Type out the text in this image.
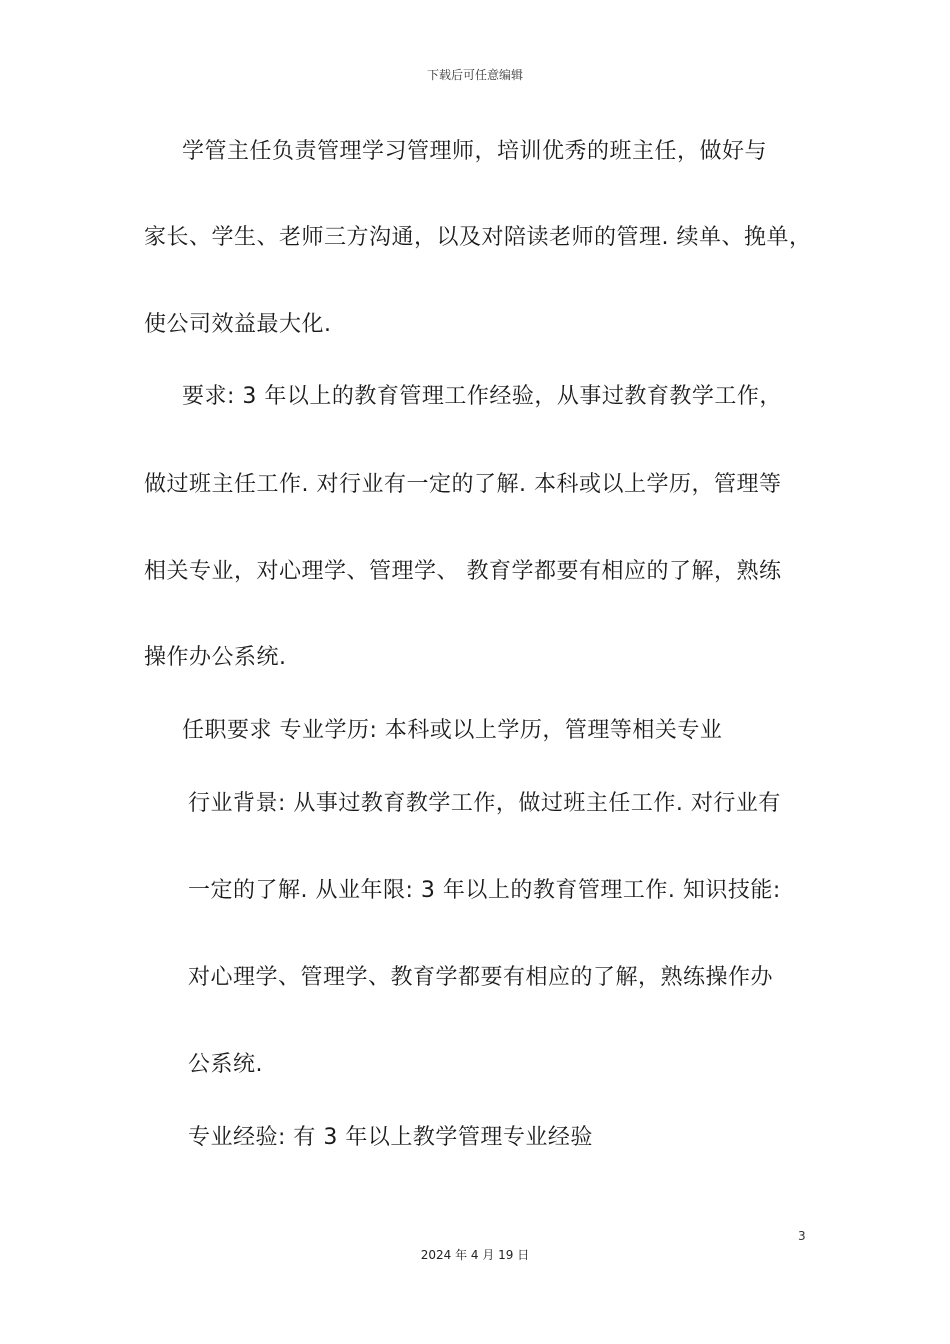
下载后可任意编辑
学管主任负责管理学习管理师，培训优秀的班主任，做好与
家长、学生、老师三方沟通，以及对陪读老师的管理. 续单、挽单，
使公司效益最大化.
要求: 3 年以上的教育管理工作经验，从事过教育教学工作，
做过班主任工作. 对行业有一定的了解. 本科或以上学历，管理等
相关专业，对心理学、管理学、 教育学都要有相应的了解，熟练
操作办公系统.
任职要求 专业学历: 本科或以上学历，管理等相关专业
行业背景: 从事过教育教学工作，做过班主任工作. 对行业有
一定的了解. 从业年限: 3 年以上的教育管理工作. 知识技能:
对心理学、管理学、教育学都要有相应的了解，熟练操作办
公系统.
专业经验: 有 3 年以上教学管理专业经验
3
2024 年 4 月 19 日
